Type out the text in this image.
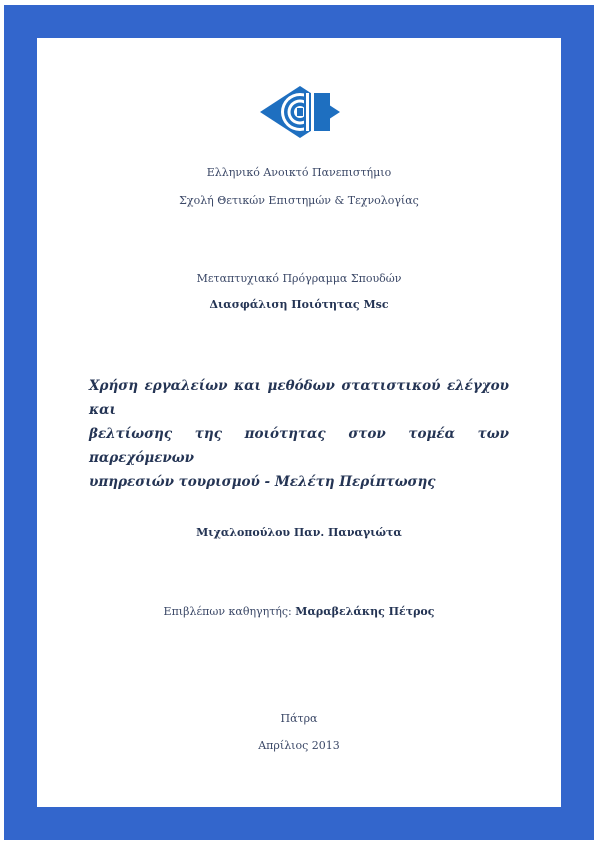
Ελληνικό Ανοικτό Πανεπιστήμιο
Σχολή Θετικών Επιστημών & Τεχνολογίας
Μεταπτυχιακό Πρόγραμμα Σπουδών
Διασφάλιση Ποιότητας Msc
Χρήση εργαλείων και μεθόδων στατιστικού ελέγχου και
βελτίωσης της ποιότητας στον τομέα των παρεχόμενων
υπηρεσιών τουρισμού - Μελέτη Περίπτωσης
Μιχαλοπούλου Παν. Παναγιώτα
Επιβλέπων καθηγητής: Μαραβελάκης Πέτρος
Πάτρα
Απρίλιος 2013
